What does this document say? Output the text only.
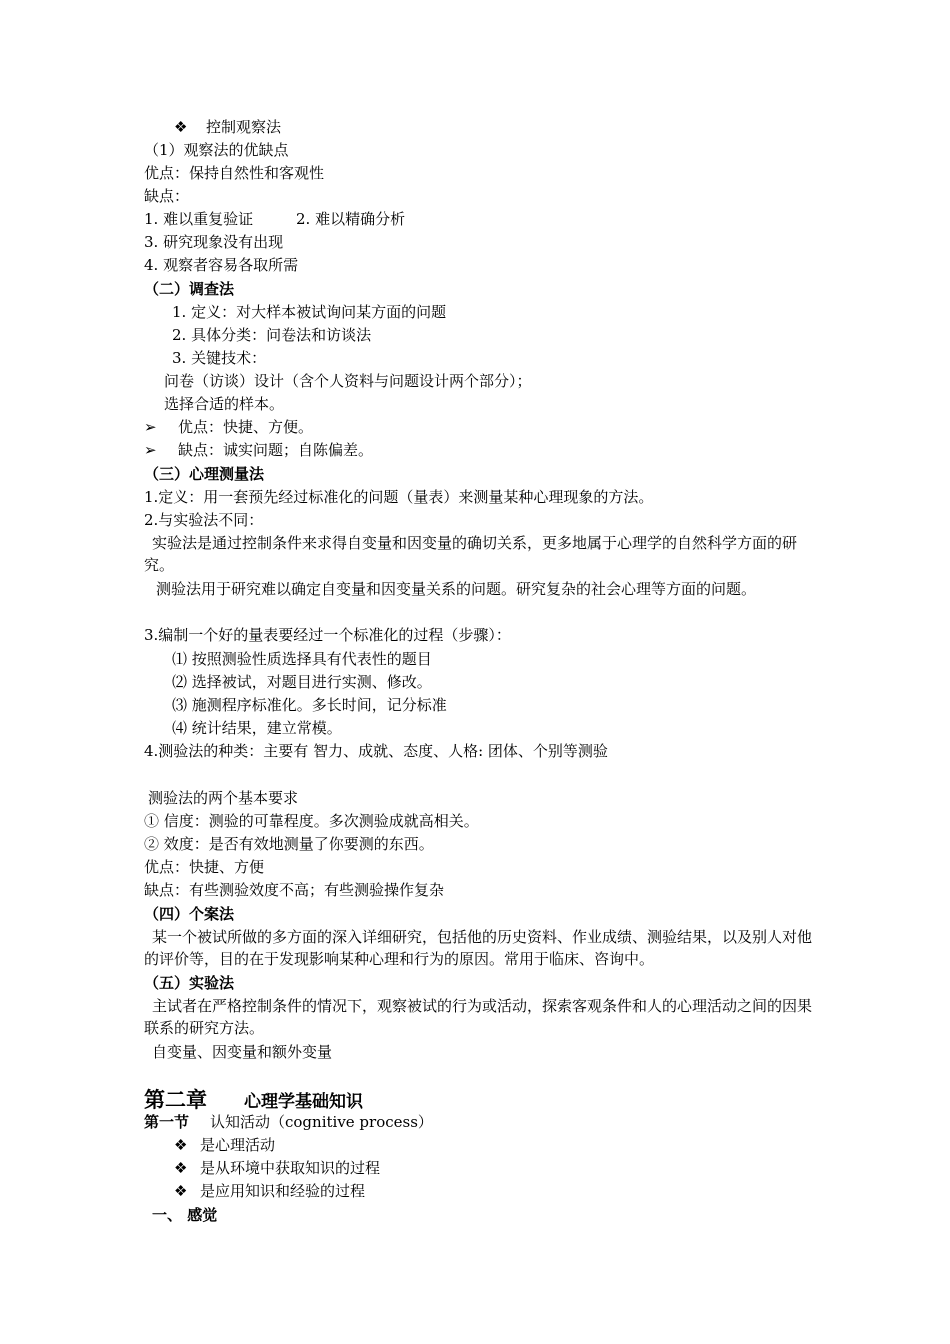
❖ 控制观察法
（1）观察法的优缺点
优点：保持自然性和客观性
缺点：
1. 难以重复验证	2. 难以精确分析
3. 研究现象没有出现
4. 观察者容易各取所需
（二）调查法
1. 定义：对大样本被试询问某方面的问题
2. 具体分类：问卷法和访谈法
3. 关键技术：
问卷（访谈）设计（含个人资料与问题设计两个部分）；
选择合适的样本。
➢ 优点：快捷、方便。
➢ 缺点：诚实问题；自陈偏差。
（三）心理测量法
1.定义：用一套预先经过标准化的问题（量表）来测量某种心理现象的方法。
2.与实验法不同：
实验法是通过控制条件来求得自变量和因变量的确切关系，更多地属于心理学的自然科学方面的研究。
测验法用于研究难以确定自变量和因变量关系的问题。研究复杂的社会心理等方面的问题。
3.编制一个好的量表要经过一个标准化的过程（步骤）：
⑴ 按照测验性质选择具有代表性的题目
⑵ 选择被试，对题目进行实测、修改。
⑶ 施测程序标准化。多长时间，记分标准
⑷ 统计结果，建立常模。
4.测验法的种类：主要有 智力、成就、态度、人格: 团体、个别等测验
测验法的两个基本要求
① 信度：测验的可靠程度。多次测验成就高相关。
② 效度：是否有效地测量了你要测的东西。
优点：快捷、方便
缺点：有些测验效度不高；有些测验操作复杂
（四）个案法
某一个被试所做的多方面的深入详细研究，包括他的历史资料、作业成绩、测验结果，以及别人对他的评价等，目的在于发现影响某种心理和行为的原因。常用于临床、咨询中。
（五）实验法
主试者在严格控制条件的情况下，观察被试的行为或活动，探索客观条件和人的心理活动之间的因果联系的研究方法。
自变量、因变量和额外变量
第二章 心理学基础知识
第一节 认知活动（cognitive process）
❖ 是心理活动
❖ 是从环境中获取知识的过程
❖ 是应用知识和经验的过程
一、 感觉
